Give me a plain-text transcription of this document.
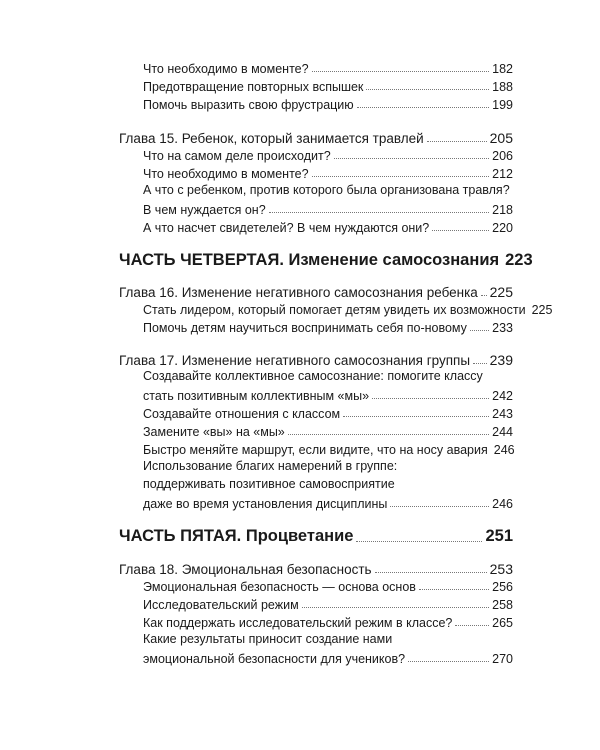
Что необходимо в моменте?	182
Предотвращение повторных вспышек	188
Помочь выразить свою фрустрацию	199
Глава 15. Ребенок, который занимается травлей	205
Что на самом деле происходит?	206
Что необходимо в моменте?	212
А что с ребенком, против которого была организована травля?
В чем нуждается он?	218
А что насчет свидетелей? В чем нуждаются они?	220
ЧАСТЬ ЧЕТВЕРТАЯ. Изменение самосознания 223
Глава 16. Изменение негативного самосознания ребенка 225
Стать лидером, который помогает детям увидеть их возможности 225
Помочь детям научиться воспринимать себя по-новому 233
Глава 17. Изменение негативного самосознания группы 239
Создавайте коллективное самосознание: помогите классу
стать позитивным коллективным «мы»	242
Создавайте отношения с классом	243
Замените «вы» на «мы»	244
Быстро меняйте маршрут, если видите, что на носу авария 246
Использование благих намерений в группе:
поддерживать позитивное самовосприятие
даже во время установления дисциплины	246
ЧАСТЬ ПЯТАЯ. Процветание	251
Глава 18. Эмоциональная безопасность	253
Эмоциональная безопасность — основа основ	256
Исследовательский режим	258
Как поддержать исследовательский режим в классе?	265
Какие результаты приносит создание нами
эмоциональной безопасности для учеников?	270
